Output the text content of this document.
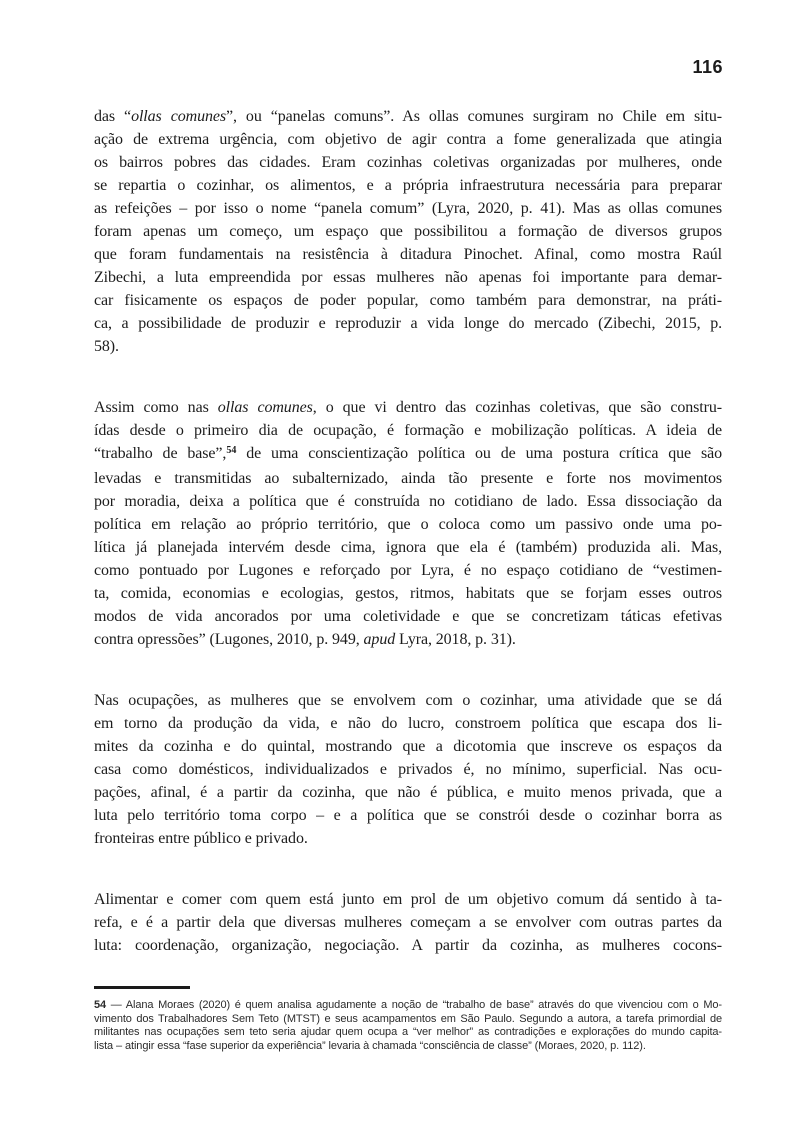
116
das “ollas comunes”, ou “panelas comuns”. As ollas comunes surgiram no Chile em situ-
ação de extrema urgência, com objetivo de agir contra a fome generalizada que atingia
os bairros pobres das cidades. Eram cozinhas coletivas organizadas por mulheres, onde
se repartia o cozinhar, os alimentos, e a própria infraestrutura necessária para preparar
as refeições – por isso o nome “panela comum” (Lyra, 2020, p. 41). Mas as ollas comunes
foram apenas um começo, um espaço que possibilitou a formação de diversos grupos
que foram fundamentais na resistência à ditadura Pinochet. Afinal, como mostra Raúl
Zibechi, a luta empreendida por essas mulheres não apenas foi importante para demar-
car fisicamente os espaços de poder popular, como também para demonstrar, na práti-
ca, a possibilidade de produzir e reproduzir a vida longe do mercado (Zibechi, 2015, p.
58).
Assim como nas ollas comunes, o que vi dentro das cozinhas coletivas, que são constru-
ídas desde o primeiro dia de ocupação, é formação e mobilização políticas. A ideia de
“trabalho de base”,$^{54}$ de uma conscientização política ou de uma postura crítica que são
levadas e transmitidas ao subalternizado, ainda tão presente e forte nos movimentos
por moradia, deixa a política que é construída no cotidiano de lado. Essa dissociação da
política em relação ao próprio território, que o coloca como um passivo onde uma po-
lítica já planejada intervém desde cima, ignora que ela é (também) produzida ali. Mas,
como pontuado por Lugones e reforçado por Lyra, é no espaço cotidiano de “vestimen-
ta, comida, economias e ecologias, gestos, ritmos, habitats que se forjam esses outros
modos de vida ancorados por uma coletividade e que se concretizam táticas efetivas
contra opressões” (Lugones, 2010, p. 949, apud Lyra, 2018, p. 31).
Nas ocupações, as mulheres que se envolvem com o cozinhar, uma atividade que se dá
em torno da produção da vida, e não do lucro, constroem política que escapa dos li-
mites da cozinha e do quintal, mostrando que a dicotomia que inscreve os espaços da
casa como domésticos, individualizados e privados é, no mínimo, superficial. Nas ocu-
pações, afinal, é a partir da cozinha, que não é pública, e muito menos privada, que a
luta pelo território toma corpo – e a política que se constrói desde o cozinhar borra as
fronteiras entre público e privado.
Alimentar e comer com quem está junto em prol de um objetivo comum dá sentido à ta-
refa, e é a partir dela que diversas mulheres começam a se envolver com outras partes da
luta: coordenação, organização, negociação. A partir da cozinha, as mulheres cocons-
54 — Alana Moraes (2020) é quem analisa agudamente a noção de “trabalho de base” através do que vivenciou com o Mo-
vimento dos Trabalhadores Sem Teto (MTST) e seus acampamentos em São Paulo. Segundo a autora, a tarefa primordial de
militantes nas ocupações sem teto seria ajudar quem ocupa a “ver melhor” as contradições e explorações do mundo capita-
lista – atingir essa “fase superior da experiência” levaria à chamada “consciência de classe” (Moraes, 2020, p. 112).
